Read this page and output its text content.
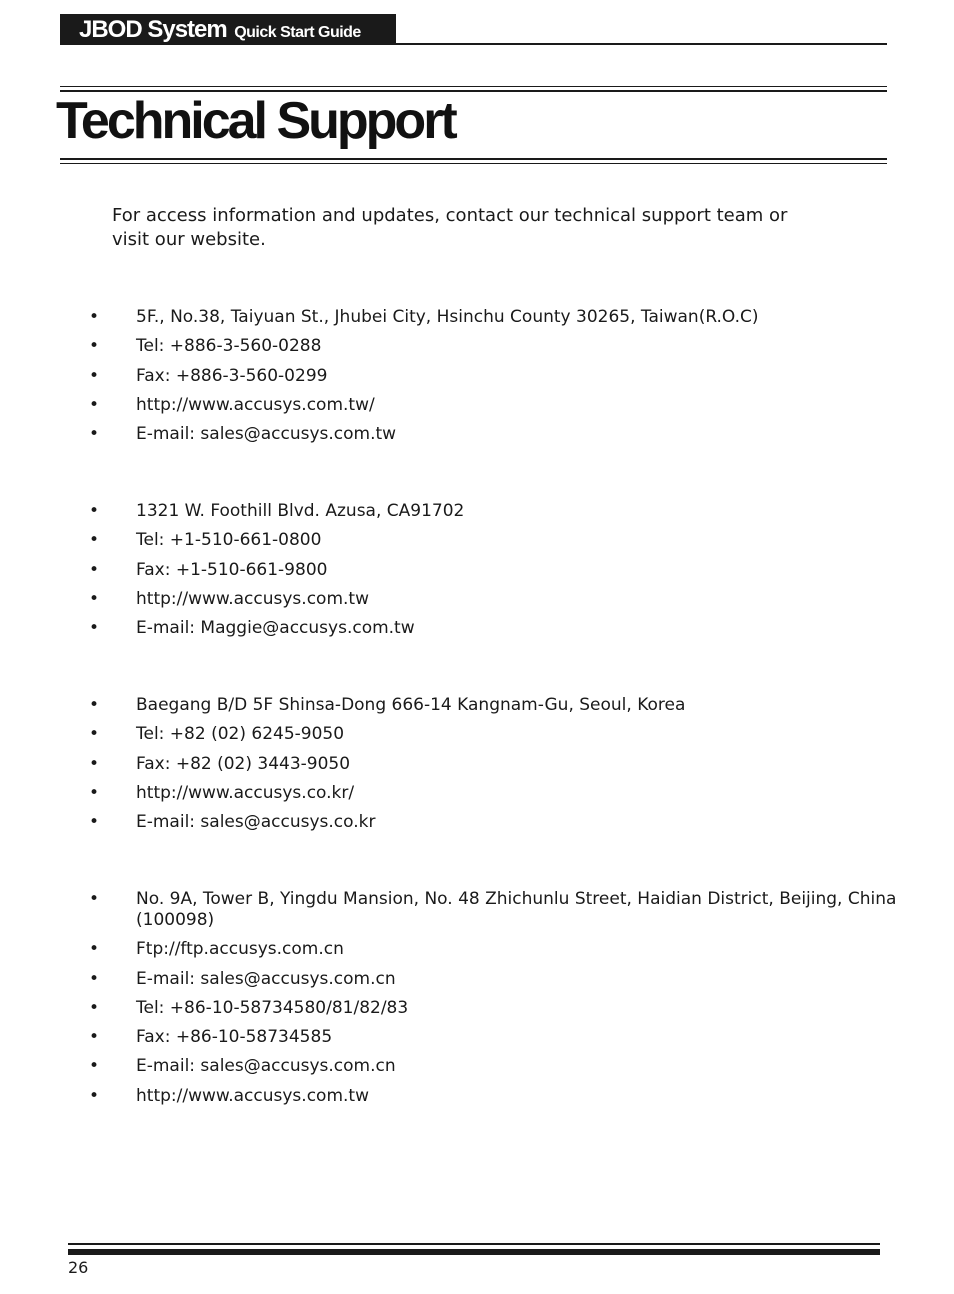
JBOD System Quick Start Guide
Technical Support

For access information and updates, contact our technical support team or visit our website.

• 5F., No.38, Taiyuan St., Jhubei City, Hsinchu County 30265, Taiwan(R.O.C)
• Tel: +886-3-560-0288
• Fax: +886-3-560-0299
• http://www.accusys.com.tw/
• E-mail: sales@accusys.com.tw
• 1321 W. Foothill Blvd. Azusa, CA91702
• Tel: +1-510-661-0800
• Fax: +1-510-661-9800
• http://www.accusys.com.tw
• E-mail: Maggie@accusys.com.tw
• Baegang B/D 5F Shinsa-Dong 666-14 Kangnam-Gu, Seoul, Korea
• Tel: +82 (02) 6245-9050
• Fax: +82 (02) 3443-9050
• http://www.accusys.co.kr/
• E-mail: sales@accusys.co.kr
• No. 9A, Tower B, Yingdu Mansion, No. 48 Zhichunlu Street, Haidian District, Beijing, China (100098)
• Ftp://ftp.accusys.com.cn
• E-mail: sales@accusys.com.cn
• Tel: +86-10-58734580/81/82/83
• Fax: +86-10-58734585
• E-mail: sales@accusys.com.cn
• http://www.accusys.com.tw
26
